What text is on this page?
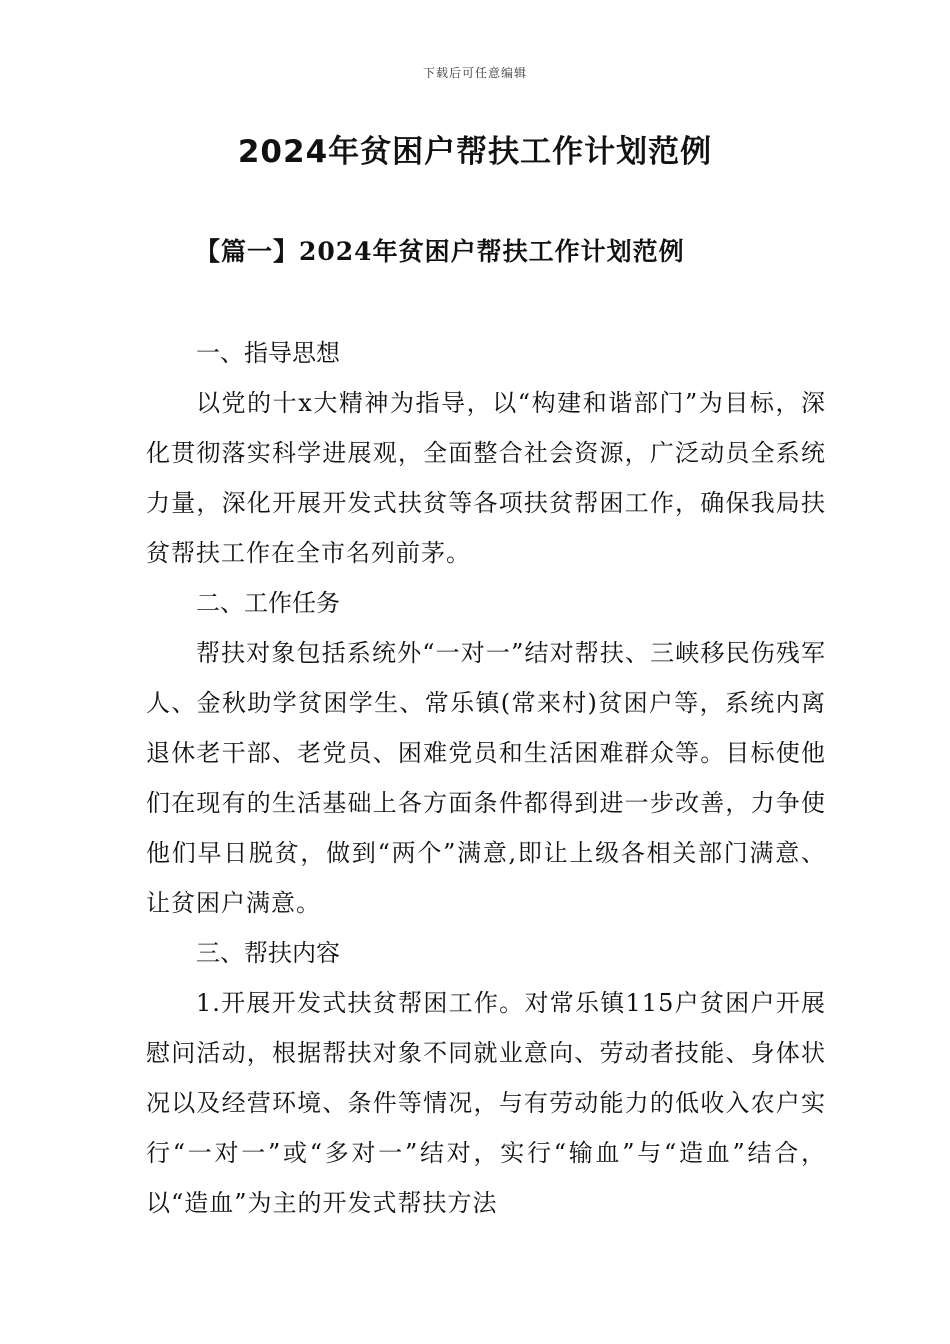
下载后可任意编辑
2024年贫困户帮扶工作计划范例
【篇一】2024年贫困户帮扶工作计划范例

一、指导思想

以党的十x大精神为指导，以“构建和谐部门”为目标，深化贯彻落实科学进展观，全面整合社会资源，广泛动员全系统力量，深化开展开发式扶贫等各项扶贫帮困工作，确保我局扶贫帮扶工作在全市名列前茅。

二、工作任务

帮扶对象包括系统外“一对一”结对帮扶、三峡移民伤残军人、金秋助学贫困学生、常乐镇(常来村)贫困户等，系统内离退休老干部、老党员、困难党员和生活困难群众等。目标使他们在现有的生活基础上各方面条件都得到进一步改善，力争使他们早日脱贫，做到“两个”满意,即让上级各相关部门满意、让贫困户满意。

三、帮扶内容

1.开展开发式扶贫帮困工作。对常乐镇115户贫困户开展慰问活动，根据帮扶对象不同就业意向、劳动者技能、身体状况以及经营环境、条件等情况，与有劳动能力的低收入农户实行“一对一”或“多对一”结对，实行“输血”与“造血”结合，以“造血”为主的开发式帮扶方法
